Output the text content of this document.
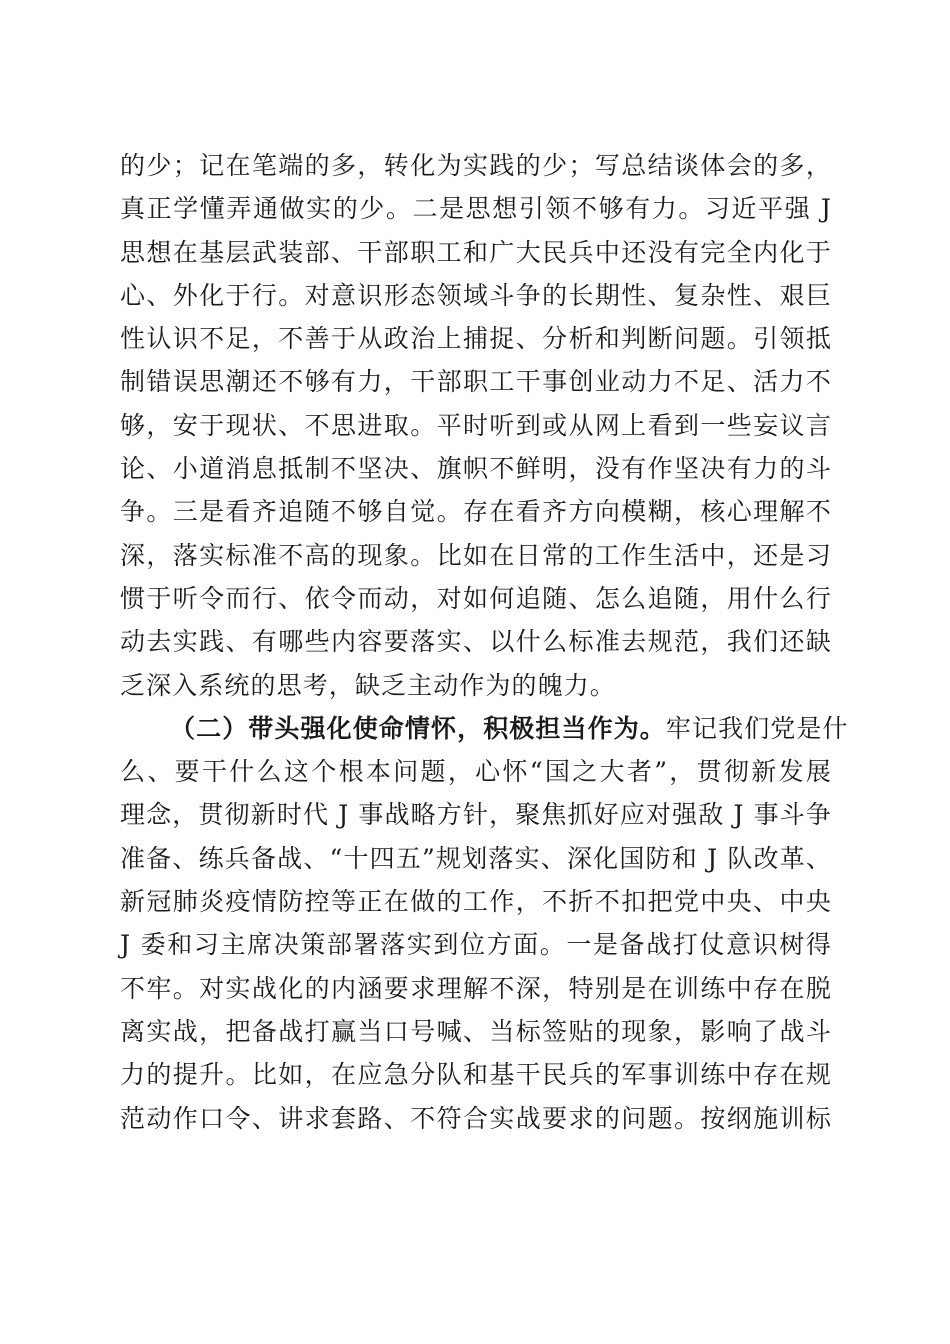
的少；记在笔端的多，转化为实践的少；写总结谈体会的多，
真正学懂弄通做实的少。二是思想引领不够有力。习近平强 J
思想在基层武装部、干部职工和广大民兵中还没有完全内化于
心、外化于行。对意识形态领域斗争的长期性、复杂性、艰巨
性认识不足，不善于从政治上捕捉、分析和判断问题。引领抵
制错误思潮还不够有力，干部职工干事创业动力不足、活力不
够，安于现状、不思进取。平时听到或从网上看到一些妄议言
论、小道消息抵制不坚决、旗帜不鲜明，没有作坚决有力的斗
争。三是看齐追随不够自觉。存在看齐方向模糊，核心理解不
深，落实标准不高的现象。比如在日常的工作生活中，还是习
惯于听令而行、依令而动，对如何追随、怎么追随，用什么行
动去实践、有哪些内容要落实、以什么标准去规范，我们还缺
乏深入系统的思考，缺乏主动作为的魄力。
（二）带头强化使命情怀，积极担当作为。牢记我们党是什
么、要干什么这个根本问题，心怀“国之大者”，贯彻新发展
理念，贯彻新时代 J 事战略方针，聚焦抓好应对强敌 J 事斗争
准备、练兵备战、“十四五”规划落实、深化国防和 J 队改革、
新冠肺炎疫情防控等正在做的工作，不折不扣把党中央、中央
J 委和习主席决策部署落实到位方面。一是备战打仗意识树得
不牢。对实战化的内涵要求理解不深，特别是在训练中存在脱
离实战，把备战打赢当口号喊、当标签贴的现象，影响了战斗
力的提升。比如，在应急分队和基干民兵的军事训练中存在规
范动作口令、讲求套路、不符合实战要求的问题。按纲施训标
